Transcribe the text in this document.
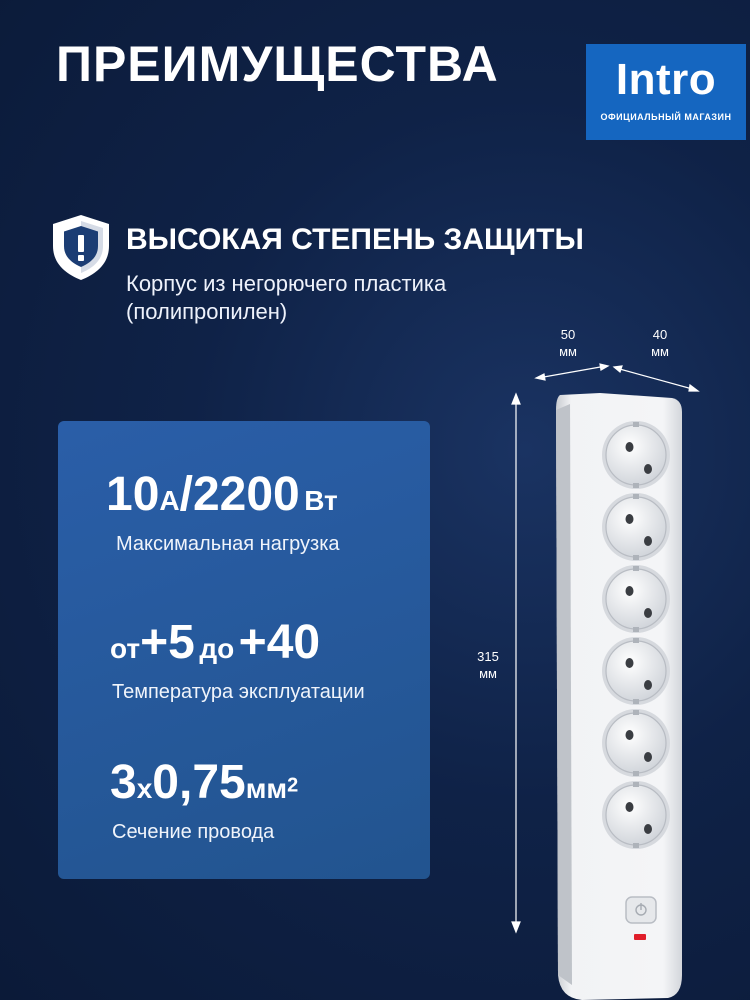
ПРЕИМУЩЕСТВА	Intro
ОФИЦИАЛЬНЫЙ МАГАЗИН
ВЫСОКАЯ СТЕПЕНЬ ЗАЩИТЫ
Корпус из негорючего пластика (полипропилен)
10А/2200 Вт
Максимальная нагрузка
от+5 до +40
Температура эксплуатации
3x0,75мм2
Сечение провода
50
мм
40
мм
315
мм
